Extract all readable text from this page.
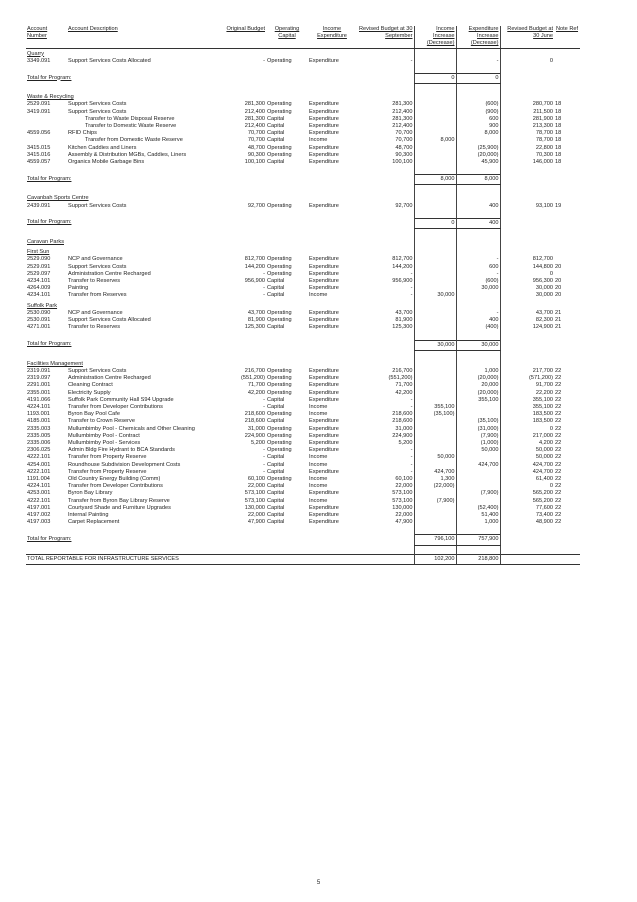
Account Number	Account Description	Original Budget	Operating Capital	Income Expenditure	Revised Budget at 30 September	Income Increase (Decrease)	Expenditure Increase (Decrease)	Revised Budget at 30 June	Note Ref
Quarry									
3349.091	Support Services Costs Allocated	-	Operating	Expenditure	-		-	0	

Total for Program:						0	0		

Waste & Recycling									
2529.091	Support Services Costs	281,300	Operating	Expenditure	281,300		(600)	280,700	18
3419.091	Support Services Costs	212,400	Operating	Expenditure	212,400		(900)	211,500	18
	Transfer to Waste Disposal Reserve	281,300	Capital	Expenditure	281,300		600	281,900	18
	Transfer to Domestic Waste Reserve	212,400	Capital	Expenditure	212,400		900	213,300	18
4559.056	RFID Chips	70,700	Capital	Expenditure	70,700		8,000	78,700	18
	Transfer from Domestic Waste Reserve	70,700	Capital	Income	70,700	8,000		78,700	18
3415.015	Kitchen Caddies and Liners	48,700	Operating	Expenditure	48,700		(25,900)	22,800	18
3415.016	Assembly & Distribution MGBs, Caddies, Liners	90,300	Operating	Expenditure	90,300		(20,000)	70,300	18
4559.057	Organics Mobile Garbage Bins	100,100	Capital	Expenditure	100,100		45,900	146,000	18

Total for Program:						8,000	8,000		

Cavanbah Sports Centre									
2439.091	Support Services Costs	92,700	Operating	Expenditure	92,700		400	93,100	19

Total for Program:						0	400		

Caravan Parks									
First Sun									
2529.090	NCP and Governance	812,700	Operating	Expenditure	812,700		-	812,700	
2529.091	Support Services Costs	144,200	Operating	Expenditure	144,200		600	144,800	20
2529.097	Administration Centre Recharged	-	Operating	Expenditure	-		-	0	
4234.101	Transfer to Reserves	956,900	Capital	Expenditure	956,900		(600)	956,300	20
4264.009	Painting	-	Capital	Expenditure	-		30,000	30,000	20
4234.101	Transfer from Reserves	-	Capital	Income	-	30,000		30,000	20
Suffolk Park									
2530.090	NCP and Governance	43,700	Operating	Expenditure	43,700		-	43,700	21
2530.091	Support Services Costs Allocated	81,900	Operating	Expenditure	81,900		400	82,300	21
4271.001	Transfer to Reserves	125,300	Capital	Expenditure	125,300		(400)	124,900	21

Total for Program:						30,000	30,000		

Facilities Management									
2319.091	Support Services Costs	216,700	Operating	Expenditure	216,700		1,000	217,700	22
2319.097	Administration Centre Recharged	(551,200)	Operating	Expenditure	(551,200)		(20,000)	(571,200)	22
2291.001	Cleaning Contract	71,700	Operating	Expenditure	71,700		20,000	91,700	22
2355.001	Electricity Supply	42,200	Operating	Expenditure	42,200		(20,000)	22,200	22
4191.066	Suffolk Park Community Hall S94 Upgrade	-	Capital	Expenditure	-		355,100	355,100	22
4224.101	Transfer from Developer Contributions	-	Capital	Income	-	355,100		355,100	22
1193.001	Byron Bay Pool Cafe	218,600	Operating	Income	218,600	(35,100)		183,500	22
4185.001	Transfer to Crown Reserve	218,600	Capital	Expenditure	218,600		(35,100)	183,500	22
2335.003	Mullumbimby Pool - Chemicals and Other Cleaning	31,000	Operating	Expenditure	31,000		(31,000)	0	22
2335.005	Mullumbimby Pool - Contract	224,900	Operating	Expenditure	224,900		(7,900)	217,000	22
2335.006	Mullumbimby Pool - Services	5,200	Operating	Expenditure	5,200		(1,000)	4,200	22
2306.025	Admin Bldg Fire Hydrant to BCA Standards	-	Operating	Expenditure	-		50,000	50,000	22
4222.101	Transfer from Property Reserve	-	Capital	Income	-	50,000		50,000	22
4254.001	Roundhouse Subdivision Development Costs	-	Capital	Income	-		424,700	424,700	22
4222.101	Transfer from Property Reserve	-	Capital	Expenditure	-	424,700		424,700	22
1191.004	Old Country Energy Building (Comm)	60,100	Operating	Income	60,100	1,300		61,400	22
4224.101	Transfer from Developer Contributions	22,000	Capital	Income	22,000	(22,000)		0	22
4253.001	Byron Bay Library	573,100	Capital	Expenditure	573,100		(7,900)	565,200	22
4222.101	Transfer from Byron Bay Library Reserve	573,100	Capital	Income	573,100	(7,900)		565,200	22
4197.001	Courtyard Shade and Furniture Upgrades	130,000	Capital	Expenditure	130,000		(52,400)	77,600	22
4197.002	Internal Painting	22,000	Capital	Expenditure	22,000		51,400	73,400	22
4197.003	Carpet Replacement	47,900	Capital	Expenditure	47,900		1,000	48,900	22

Total for Program:						796,100	757,900		

TOTAL REPORTABLE FOR INFRASTRUCTURE SERVICES						102,200	218,800		
5
